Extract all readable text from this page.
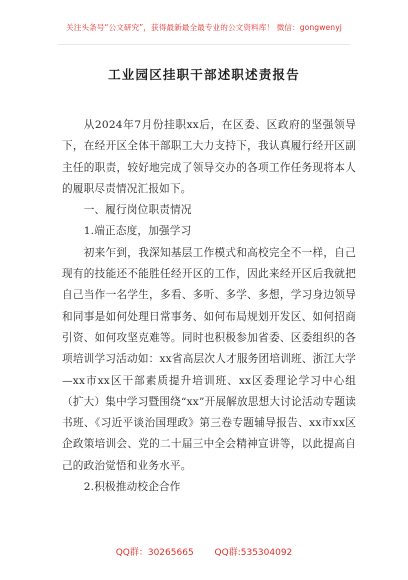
关注头条号“公文研究”，获得最新最全最专业的公文资料库！ 微信：gongwenyj
工业园区挂职干部述职述责报告

从2024年7月份挂职xx后，在区委、区政府的坚强领导下，在经开区全体干部职工大力支持下，我认真履行经开区副主任的职责，较好地完成了领导交办的各项工作任务现将本人的履职尽责情况汇报如下。

一、履行岗位职责情况

1.端正态度，加强学习

初来乍到，我深知基层工作模式和高校完全不一样，自己现有的技能还不能胜任经开区的工作，因此来经开区后我就把自己当作一名学生，多看、多听、多学、多想，学习身边领导和同事是如何处理日常事务、如何布局规划开发区、如何招商引资、如何攻坚克难等。同时也积极参加省委、区委组织的各项培训学习活动如：xx省高层次人才服务团培训班、浙江大学—xx市xx区干部素质提升培训班、xx区委理论学习中心组（扩大）集中学习暨围绕“xx”开展解放思想大讨论活动专题读书班、《习近平谈治国理政》第三卷专题辅导报告、xx市xx区企政策培训会、党的二十届三中全会精神宣讲等，以此提高自己的政治觉悟和业务水平。

2.积极推动校企合作

QQ群：30265665 QQ群:535304092
